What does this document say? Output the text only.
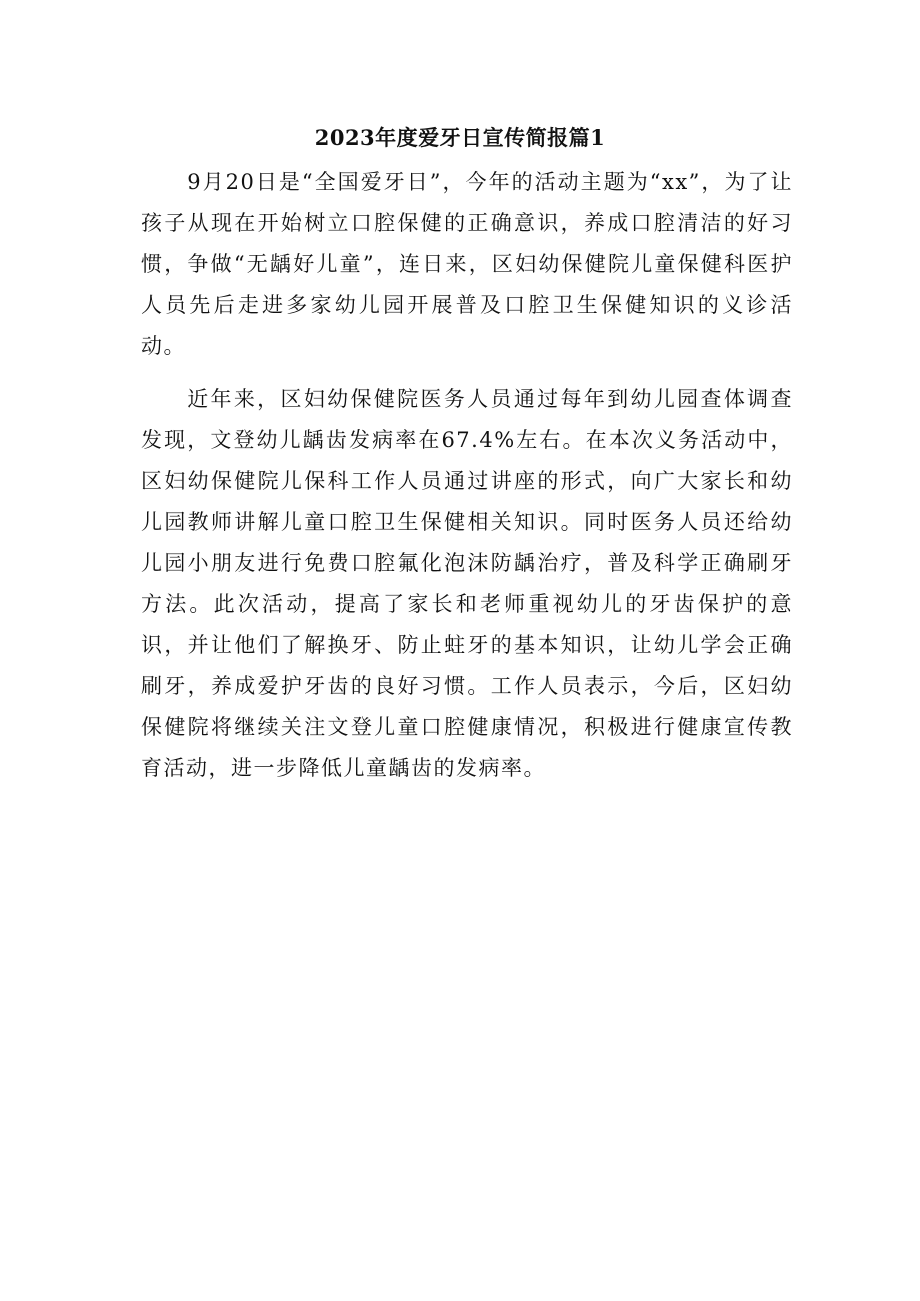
2023年度爱牙日宣传简报篇1

9月20日是“全国爱牙日”，今年的活动主题为“xx”，为了让孩子从现在开始树立口腔保健的正确意识，养成口腔清洁的好习惯，争做“无龋好儿童”，连日来，区妇幼保健院儿童保健科医护人员先后走进多家幼儿园开展普及口腔卫生保健知识的义诊活动。

近年来，区妇幼保健院医务人员通过每年到幼儿园查体调查发现，文登幼儿龋齿发病率在67.4%左右。在本次义务活动中，区妇幼保健院儿保科工作人员通过讲座的形式，向广大家长和幼儿园教师讲解儿童口腔卫生保健相关知识。同时医务人员还给幼儿园小朋友进行免费口腔氟化泡沫防龋治疗，普及科学正确刷牙方法。此次活动，提高了家长和老师重视幼儿的牙齿保护的意识，并让他们了解换牙、防止蛀牙的基本知识，让幼儿学会正确刷牙，养成爱护牙齿的良好习惯。工作人员表示，今后，区妇幼保健院将继续关注文登儿童口腔健康情况，积极进行健康宣传教育活动，进一步降低儿童龋齿的发病率。
